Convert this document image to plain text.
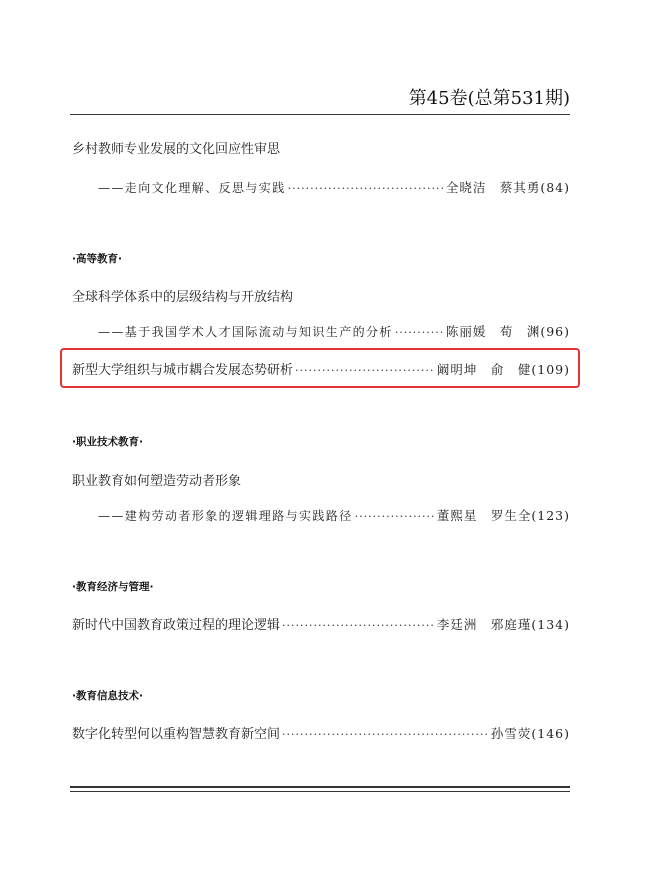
第45卷(总第531期)
乡村教师专业发展的文化回应性审思
——走向文化理解、反思与实践 ·····	全晓洁　蔡其勇(84)
·高等教育·
全球科学体系中的层级结构与开放结构
——基于我国学术人才国际流动与知识生产的分析 ·····	陈丽媛　荀　渊(96)
新型大学组织与城市耦合发展态势研析 ·····	阚明坤　俞　健(109)
·职业技术教育·
职业教育如何塑造劳动者形象
——建构劳动者形象的逻辑理路与实践路径 ·····	董熙星　罗生全(123)
·教育经济与管理·
新时代中国教育政策过程的理论逻辑 ·····	李廷洲　邪庭瑾(134)
·教育信息技术·
数字化转型何以重构智慧教育新空间 ·····	孙雪荧(146)
